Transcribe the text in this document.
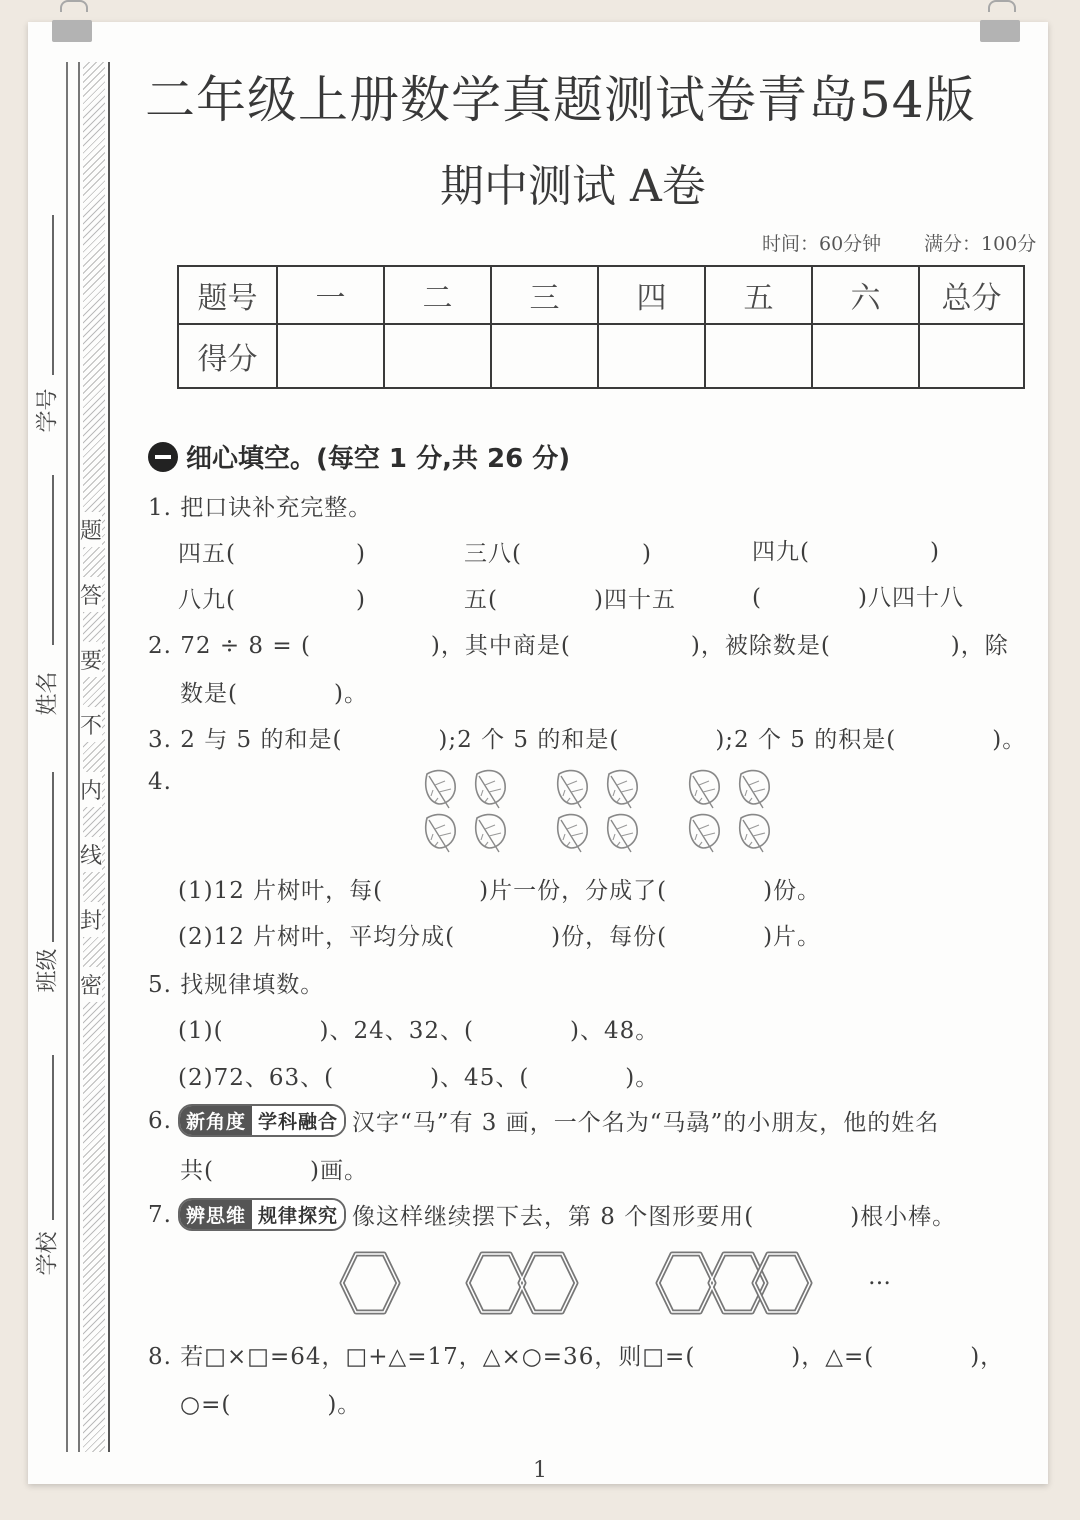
题
答
要
不
内
线
封
密
学号
姓名
班级
学校
二年级上册数学真题测试卷青岛54版
期中测试 A卷
时间：60分钟 满分：100分
题号	一	二	三	四	五	六	总分
得分							
细心填空。(每空 1 分,共 26 分)
1. 把口诀补充完整。
四五(　　　　　)	三八(　　　　　)	四九(　　　　　)
八九(　　　　　)	五(　　　　)四十五	(　　　　)八四十八
2. 72 ÷ 8 = (　　　　　)，其中商是(　　　　　)，被除数是(　　　　　)，除
数是(　　　　)。
3. 2 与 5 的和是(　　　　);2 个 5 的和是(　　　　);2 个 5 的积是(　　　　)。
4.
(1)12 片树叶，每(　　　　)片一份，分成了(　　　　)份。
(2)12 片树叶，平均分成(　　　　)份，每份(　　　　)片。
5. 找规律填数。
(1)(　　　　)、24、32、(　　　　)、48。
(2)72、63、(　　　　)、45、(　　　　)。
6. 新角度 学科融合 汉字“马”有 3 画，一个名为“马骉”的小朋友，他的姓名
共(　　　　)画。
7. 辨思维 规律探究 像这样继续摆下去，第 8 个图形要用(　　　　)根小棒。
…
8. 若□×□=64，□+△=17，△×○=36，则□=(　　　　)，△=(　　　　)，
○=(　　　　)。
1
